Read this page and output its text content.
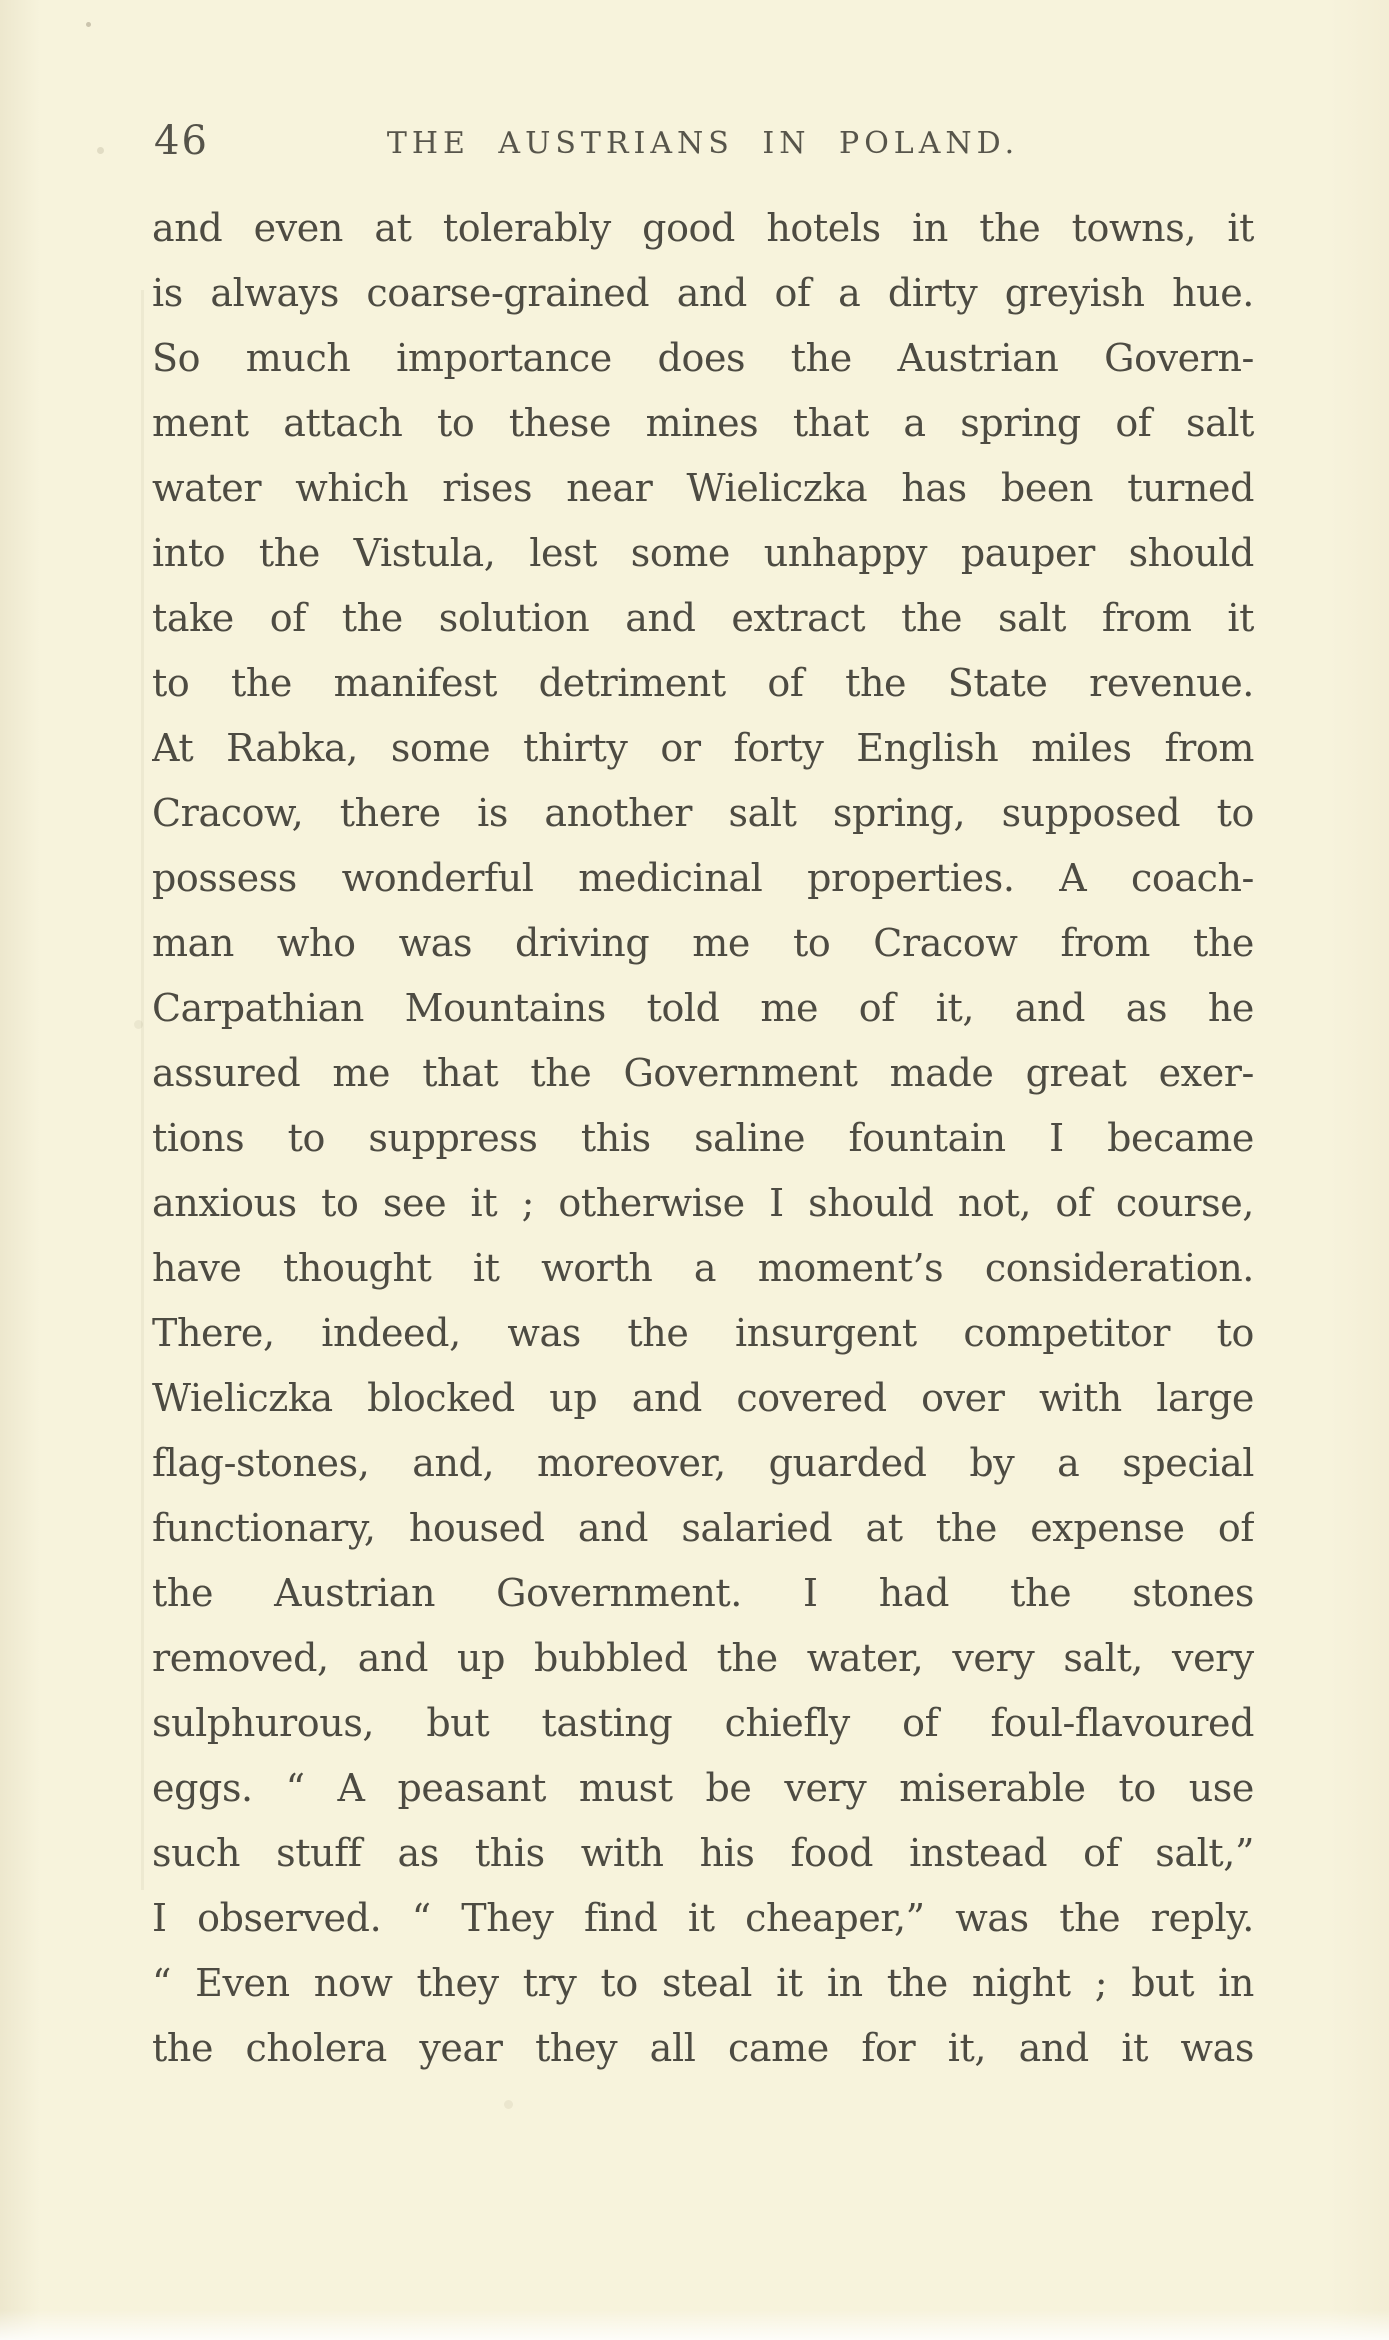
46	THE AUSTRIANS IN POLAND.

and even at tolerably good hotels in the towns, it

is always coarse-grained and of a dirty greyish hue.

So much importance does the Austrian Govern-

ment attach to these mines that a spring of salt

water which rises near Wieliczka has been turned

into the Vistula, lest some unhappy pauper should

take of the solution and extract the salt from it

to the manifest detriment of the State revenue.

At Rabka, some thirty or forty English miles from

Cracow, there is another salt spring, supposed to

possess wonderful medicinal properties. A coach-

man who was driving me to Cracow from the

Carpathian Mountains told me of it, and as he

assured me that the Government made great exer-

tions to suppress this saline fountain I became

anxious to see it ; otherwise I should not, of course,

have thought it worth a moment’s consideration.

There, indeed, was the insurgent competitor to

Wieliczka blocked up and covered over with large

flag-stones, and, moreover, guarded by a special

functionary, housed and salaried at the expense of

the Austrian Government. I had the stones

removed, and up bubbled the water, very salt, very

sulphurous, but tasting chiefly of foul-flavoured

eggs. “ A peasant must be very miserable to use

such stuff as this with his food instead of salt,”

I observed. “ They find it cheaper,” was the reply.

“ Even now they try to steal it in the night ; but in

the cholera year they all came for it, and it was
